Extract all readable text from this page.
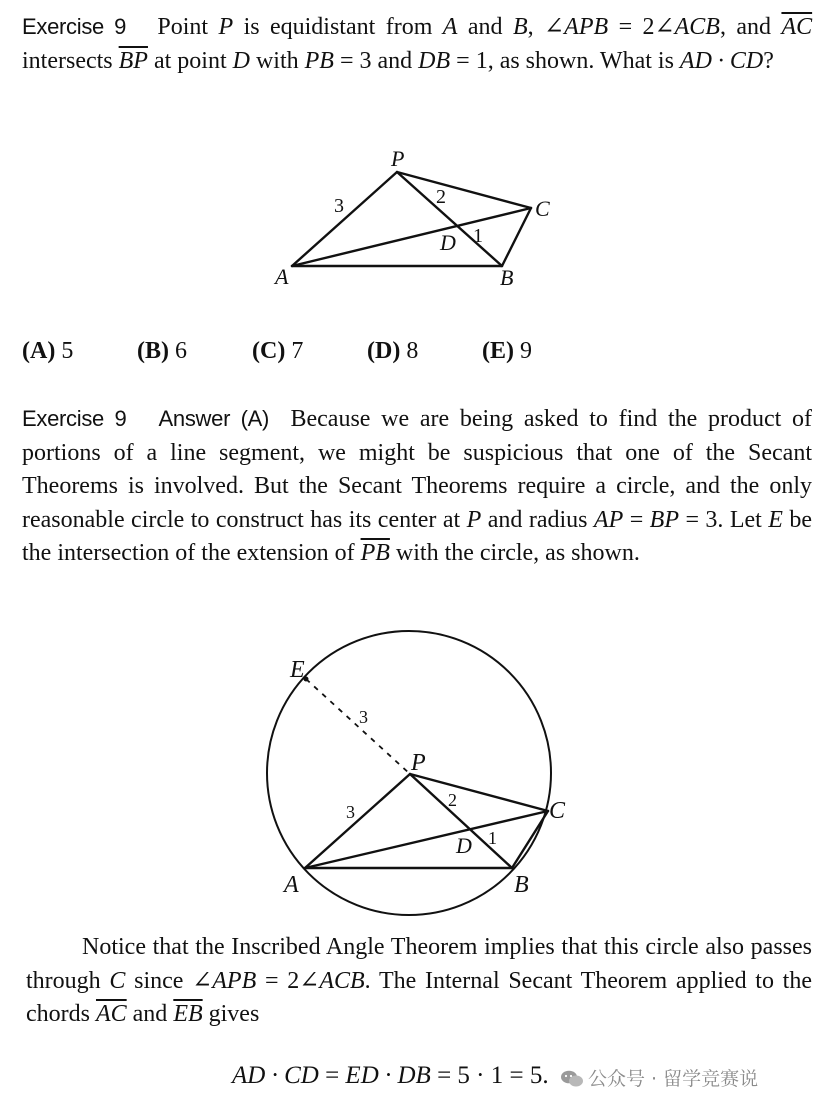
Exercise 9 Point P is equidistant from A and B, ∠APB = 2∠ACB, and $\overline{AC}$ intersects $\overline{BP}$ at point D with PB = 3 and DB = 1, as shown. What is AD · CD?
P
C
A	B
D
3	2
1
(A) 5	(B) 6	(C) 7	(D) 8	(E) 9
Exercise 9 Answer (A) Because we are being asked to find the product of portions of a line segment, we might be suspicious that one of the Secant Theorems is involved. But the Secant Theorems require a circle, and the only reasonable circle to construct has its center at P and radius AP = BP = 3. Let E be the intersection of the extension of $\overline{PB}$ with the circle, as shown.
E
P
C
A	B
D
3
3
2
1
Notice that the Inscribed Angle Theorem implies that this circle also passes through C since ∠APB = 2∠ACB. The Internal Secant Theorem applied to the chords $\overline{AC}$ and $\overline{EB}$ gives
AD · CD = ED · DB = 5 · 1 = 5.	公众号 · 留学竞赛说
